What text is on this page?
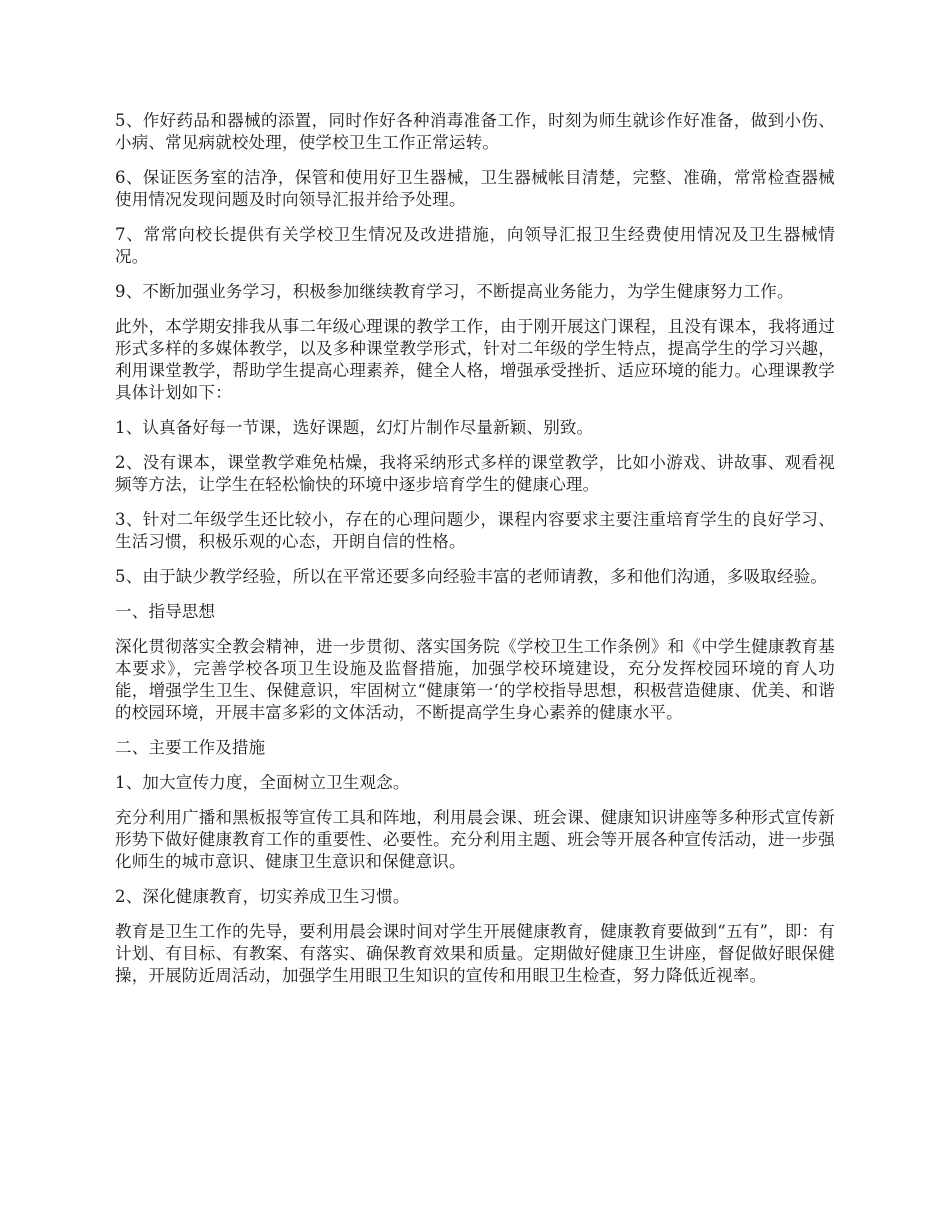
5、作好药品和器械的添置，同时作好各种消毒准备工作，时刻为师生就诊作好准备，做到小伤、小病、常见病就校处理，使学校卫生工作正常运转。

6、保证医务室的洁净，保管和使用好卫生器械，卫生器械帐目清楚，完整、准确，常常检查器械使用情况发现问题及时向领导汇报并给予处理。

7、常常向校长提供有关学校卫生情况及改进措施，向领导汇报卫生经费使用情况及卫生器械情况。

9、不断加强业务学习，积极参加继续教育学习，不断提高业务能力，为学生健康努力工作。

此外，本学期安排我从事二年级心理课的教学工作，由于刚开展这门课程，且没有课本，我将通过形式多样的多媒体教学，以及多种课堂教学形式，针对二年级的学生特点，提高学生的学习兴趣，利用课堂教学，帮助学生提高心理素养，健全人格，增强承受挫折、适应环境的能力。心理课教学具体计划如下：

1、认真备好每一节课，选好课题，幻灯片制作尽量新颖、别致。

2、没有课本，课堂教学难免枯燥，我将采纳形式多样的课堂教学，比如小游戏、讲故事、观看视频等方法，让学生在轻松愉快的环境中逐步培育学生的健康心理。

3、针对二年级学生还比较小，存在的心理问题少，课程内容要求主要注重培育学生的良好学习、生活习惯，积极乐观的心态，开朗自信的性格。

5、由于缺少教学经验，所以在平常还要多向经验丰富的老师请教，多和他们沟通，多吸取经验。

一、指导思想

深化贯彻落实全教会精神，进一步贯彻、落实国务院《学校卫生工作条例》和《中学生健康教育基本要求》，完善学校各项卫生设施及监督措施，加强学校环境建设，充分发挥校园环境的育人功能，增强学生卫生、保健意识，牢固树立“健康第一‘的学校指导思想，积极营造健康、优美、和谐的校园环境，开展丰富多彩的文体活动，不断提高学生身心素养的健康水平。

二、主要工作及措施

1、加大宣传力度，全面树立卫生观念。

充分利用广播和黑板报等宣传工具和阵地，利用晨会课、班会课、健康知识讲座等多种形式宣传新形势下做好健康教育工作的重要性、必要性。充分利用主题、班会等开展各种宣传活动，进一步强化师生的城市意识、健康卫生意识和保健意识。

2、深化健康教育，切实养成卫生习惯。

教育是卫生工作的先导，要利用晨会课时间对学生开展健康教育，健康教育要做到“五有”，即：有计划、有目标、有教案、有落实、确保教育效果和质量。定期做好健康卫生讲座，督促做好眼保健操，开展防近周活动，加强学生用眼卫生知识的宣传和用眼卫生检查，努力降低近视率。
